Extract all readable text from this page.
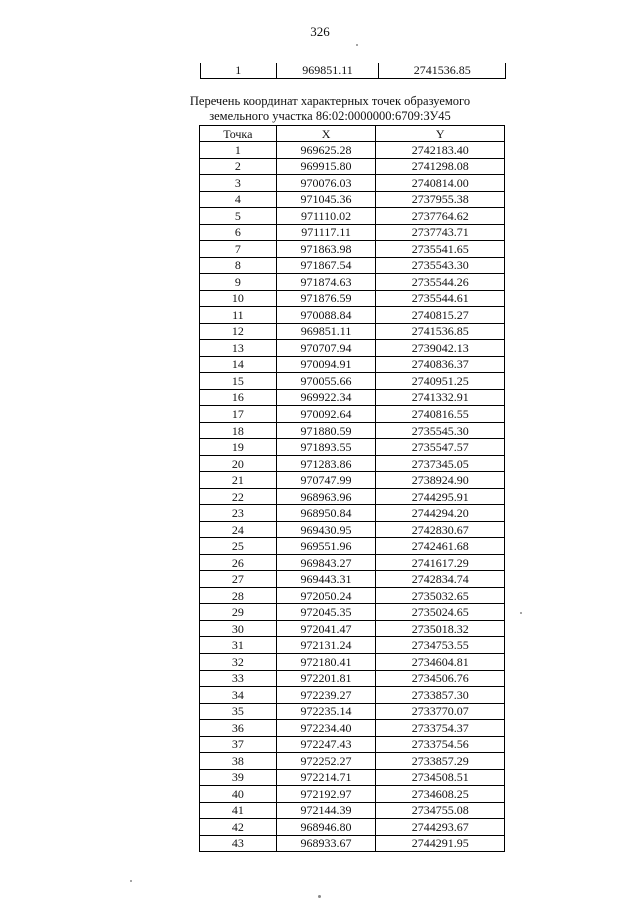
326
1	969851.11	2741536.85
Перечень координат характерных точек образуемого
земельного участка 86:02:0000000:6709:ЗУ45
Точка	X	Y
1	969625.28	2742183.40
2	969915.80	2741298.08
3	970076.03	2740814.00
4	971045.36	2737955.38
5	971110.02	2737764.62
6	971117.11	2737743.71
7	971863.98	2735541.65
8	971867.54	2735543.30
9	971874.63	2735544.26
10	971876.59	2735544.61
11	970088.84	2740815.27
12	969851.11	2741536.85
13	970707.94	2739042.13
14	970094.91	2740836.37
15	970055.66	2740951.25
16	969922.34	2741332.91
17	970092.64	2740816.55
18	971880.59	2735545.30
19	971893.55	2735547.57
20	971283.86	2737345.05
21	970747.99	2738924.90
22	968963.96	2744295.91
23	968950.84	2744294.20
24	969430.95	2742830.67
25	969551.96	2742461.68
26	969843.27	2741617.29
27	969443.31	2742834.74
28	972050.24	2735032.65
29	972045.35	2735024.65
30	972041.47	2735018.32
31	972131.24	2734753.55
32	972180.41	2734604.81
33	972201.81	2734506.76
34	972239.27	2733857.30
35	972235.14	2733770.07
36	972234.40	2733754.37
37	972247.43	2733754.56
38	972252.27	2733857.29
39	972214.71	2734508.51
40	972192.97	2734608.25
41	972144.39	2734755.08
42	968946.80	2744293.67
43	968933.67	2744291.95
